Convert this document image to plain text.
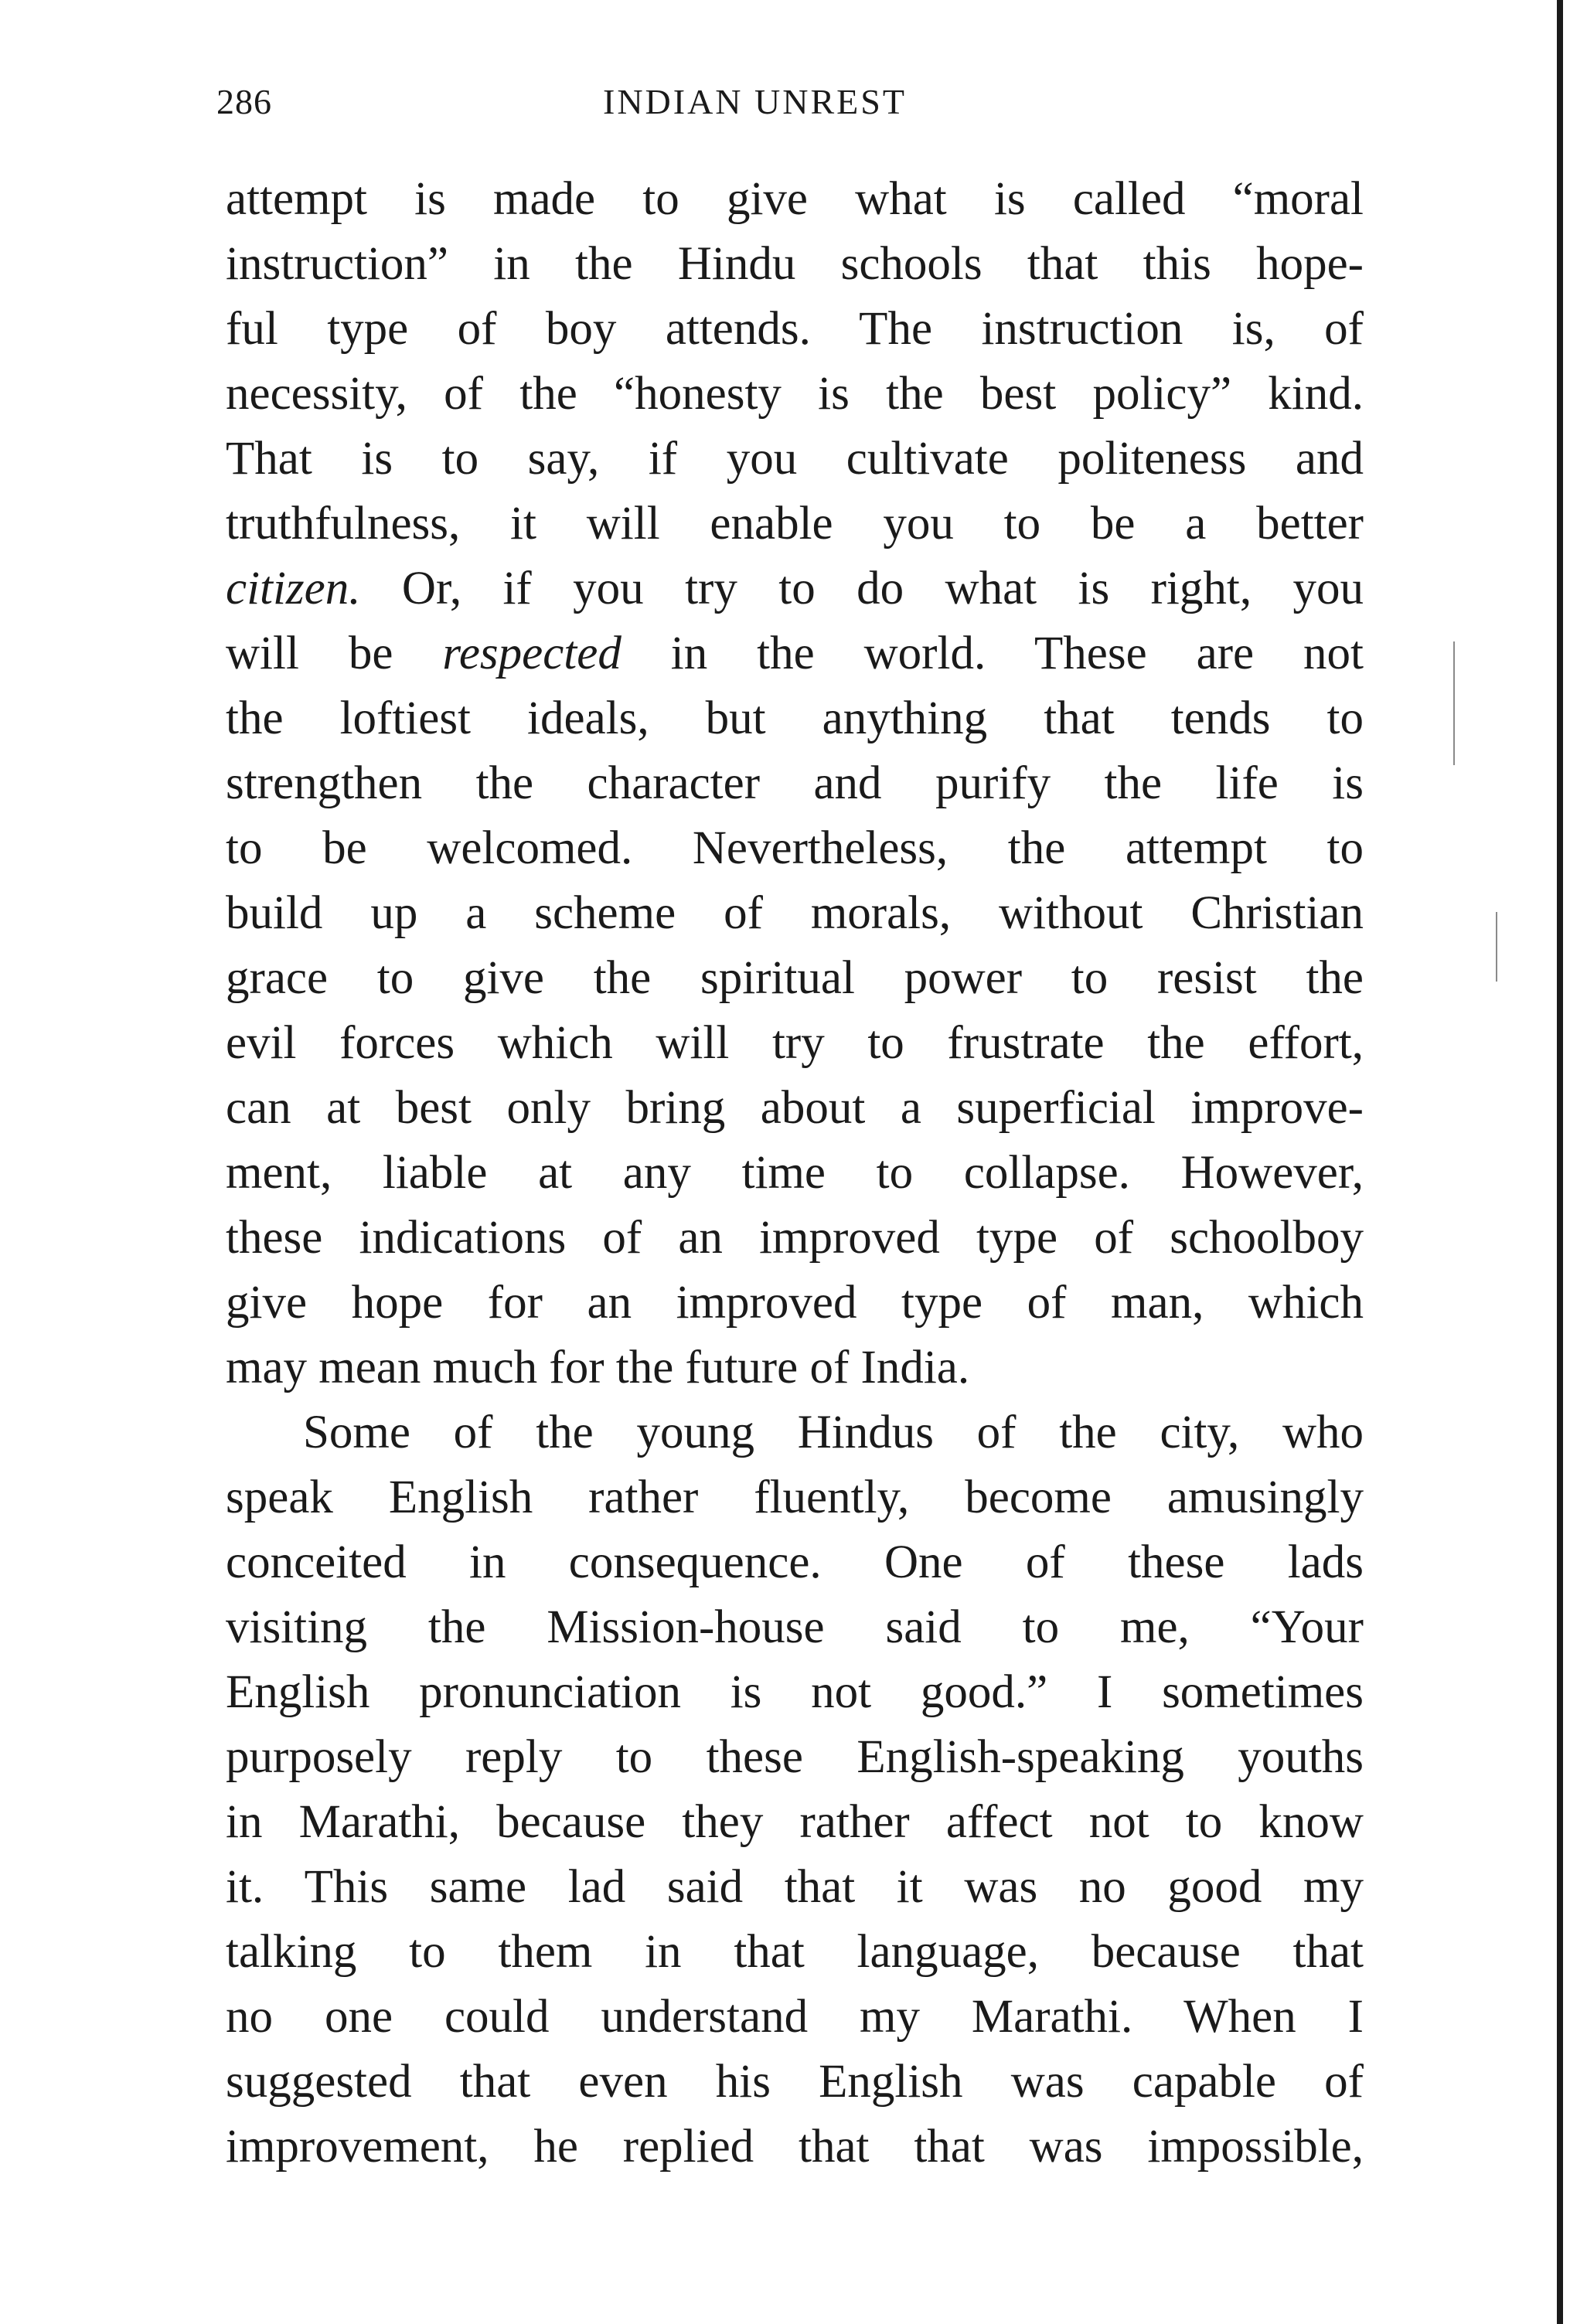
286	INDIAN UNREST
attempt is made to give what is called “moral
instruction” in the Hindu schools that this hope-
ful type of boy attends. The instruction is, of
necessity, of the “honesty is the best policy” kind.
That is to say, if you cultivate politeness and
truthfulness, it will enable you to be a better
citizen. Or, if you try to do what is right, you
will be respected in the world. These are not
the loftiest ideals, but anything that tends to
strengthen the character and purify the life is
to be welcomed. Nevertheless, the attempt to
build up a scheme of morals, without Christian
grace to give the spiritual power to resist the
evil forces which will try to frustrate the effort,
can at best only bring about a superficial improve-
ment, liable at any time to collapse. However,
these indications of an improved type of schoolboy
give hope for an improved type of man, which
may mean much for the future of India.
Some of the young Hindus of the city, who
speak English rather fluently, become amusingly
conceited in consequence. One of these lads
visiting the Mission-house said to me, “Your
English pronunciation is not good.” I sometimes
purposely reply to these English-speaking youths
in Marathi, because they rather affect not to know
it. This same lad said that it was no good my
talking to them in that language, because that
no one could understand my Marathi. When I
suggested that even his English was capable of
improvement, he replied that that was impossible,
